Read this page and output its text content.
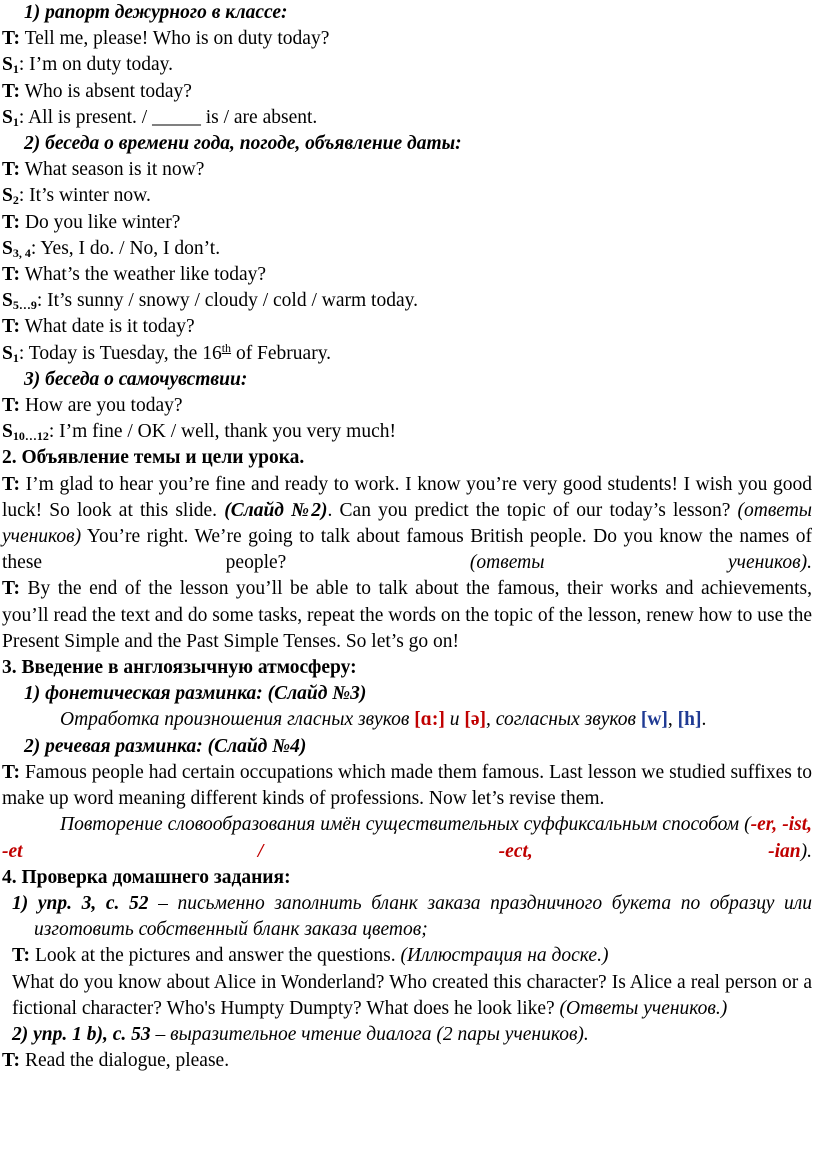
1) рапорт дежурного в классе:
T: Tell me, please! Who is on duty today?
$S_1$: I’m on duty today.
T: Who is absent today?
$S_1$: All is present. / _____ is / are absent.
2) беседа о времени года, погоде, объявление даты:
T: What season is it now?
$S_2$: It’s winter now.
T: Do you like winter?
$S_{3, 4}$: Yes, I do. / No, I don’t.
T: What’s the weather like today?
$S_{5\dots 9}$: It’s sunny / snowy / cloudy / cold / warm today.
T: What date is it today?
$S_1$: Today is Tuesday, the 16th of February.
3) беседа о самочувствии:
T: How are you today?
$S_{10\dots 12}$: I’m fine / OK / well, thank you very much!
2. Объявление темы и цели урока.
T: I’m glad to hear you’re fine and ready to work. I know you’re very good students! I wish you good luck! So look at this slide. (Слайд №2). Can you predict the topic of our today’s lesson? (ответы учеников) You’re right. We’re going to talk about famous British people. Do you know the names of these people? (ответы учеников).
T: By the end of the lesson you’ll be able to talk about the famous, their works and achievements, you’ll read the text and do some tasks, repeat the words on the topic of the lesson, renew how to use the Present Simple and the Past Simple Tenses. So let’s go on!
3. Введение в англоязычную атмосферу:
1) фонетическая разминка: (Слайд №3)
Отработка произношения гласных звуков [ɑ:] и [ə], согласных звуков [w], [h].
2) речевая разминка: (Слайд №4)
T: Famous people had certain occupations which made them famous. Last lesson we studied suffixes to make up word meaning different kinds of professions. Now let’s revise them.
Повторение словообразования имён существительных суффиксальным способом (-er, -ist, -et / -ect, -ian).
4. Проверка домашнего задания:
1) упр. 3, с. 52 – письменно заполнить бланк заказа праздничного букета по образцу или изготовить собственный бланк заказа цветов;
T: Look at the pictures and answer the questions. (Иллюстрация на доске.)
What do you know about Alice in Wonderland? Who created this character? Is Alice a real person or a fictional character? Who's Humpty Dumpty? What does he look like? (Ответы учеников.)
2) упр. 1 b), с. 53 – выразительное чтение диалога (2 пары учеников).
T: Read the dialogue, please.
